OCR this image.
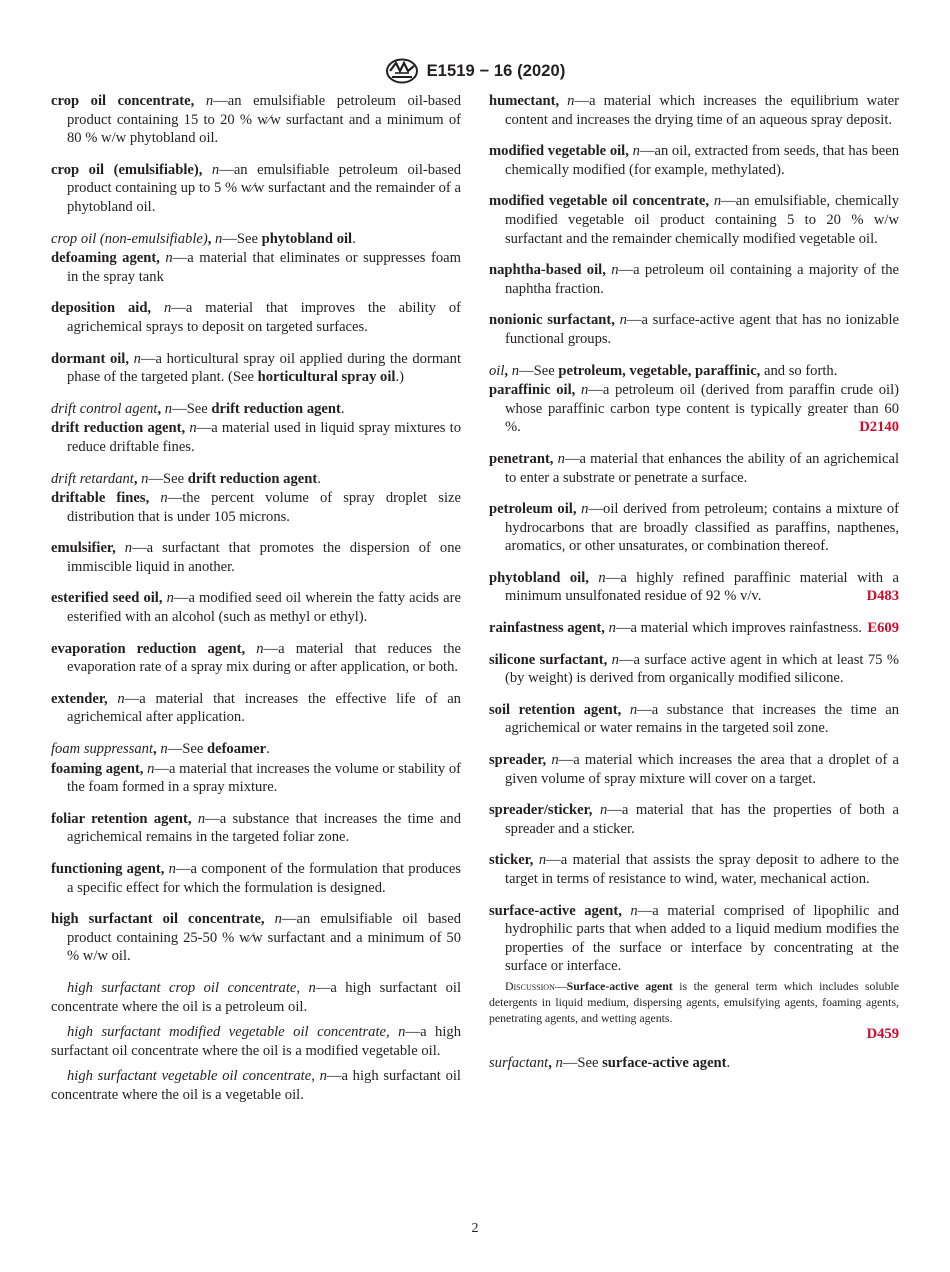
E1519 − 16 (2020)

crop oil concentrate, n—an emulsifiable petroleum oil-based product containing 15 to 20 % w⁄w surfactant and a minimum of 80 % w/w phytobland oil.

crop oil (emulsifiable), n—an emulsifiable petroleum oil-based product containing up to 5 % w⁄w surfactant and the remainder of a phytobland oil.

crop oil (non-emulsifiable), n—See phytobland oil.

defoaming agent, n—a material that eliminates or suppresses foam in the spray tank

deposition aid, n—a material that improves the ability of agrichemical sprays to deposit on targeted surfaces.

dormant oil, n—a horticultural spray oil applied during the dormant phase of the targeted plant. (See horticultural spray oil.)

drift control agent, n—See drift reduction agent.

drift reduction agent, n—a material used in liquid spray mixtures to reduce driftable fines.

drift retardant, n—See drift reduction agent.

driftable fines, n—the percent volume of spray droplet size distribution that is under 105 microns.

emulsifier, n—a surfactant that promotes the dispersion of one immiscible liquid in another.

esterified seed oil, n—a modified seed oil wherein the fatty acids are esterified with an alcohol (such as methyl or ethyl).

evaporation reduction agent, n—a material that reduces the evaporation rate of a spray mix during or after application, or both.

extender, n—a material that increases the effective life of an agrichemical after application.

foam suppressant, n—See defoamer.

foaming agent, n—a material that increases the volume or stability of the foam formed in a spray mixture.

foliar retention agent, n—a substance that increases the time and agrichemical remains in the targeted foliar zone.

functioning agent, n—a component of the formulation that produces a specific effect for which the formulation is designed.

high surfactant oil concentrate, n—an emulsifiable oil based product containing 25-50 % w⁄w surfactant and a minimum of 50 % w/w oil.

high surfactant crop oil concentrate, n—a high surfactant oil concentrate where the oil is a petroleum oil.

high surfactant modified vegetable oil concentrate, n—a high surfactant oil concentrate where the oil is a modified vegetable oil.

high surfactant vegetable oil concentrate, n—a high surfactant oil concentrate where the oil is a vegetable oil.

humectant, n—a material which increases the equilibrium water content and increases the drying time of an aqueous spray deposit.

modified vegetable oil, n—an oil, extracted from seeds, that has been chemically modified (for example, methylated).

modified vegetable oil concentrate, n—an emulsifiable, chemically modified vegetable oil product containing 5 to 20 % w/w surfactant and the remainder chemically modified vegetable oil.

naphtha-based oil, n—a petroleum oil containing a majority of the naphtha fraction.

nonionic surfactant, n—a surface-active agent that has no ionizable functional groups.

oil, n—See petroleum, vegetable, paraffinic, and so forth.

paraffinic oil, n—a petroleum oil (derived from paraffin crude oil) whose paraffinic carbon type content is typically greater than 60 %.	D2140

penetrant, n—a material that enhances the ability of an agrichemical to enter a substrate or penetrate a surface.

petroleum oil, n—oil derived from petroleum; contains a mixture of hydrocarbons that are broadly classified as paraffins, napthenes, aromatics, or other unsaturates, or combination thereof.

phytobland oil, n—a highly refined paraffinic material with a minimum unsulfonated residue of 92 % v/v.	D483

rainfastness agent, n—a material which improves rainfastness. E609

silicone surfactant, n—a surface active agent in which at least 75 % (by weight) is derived from organically modified silicone.

soil retention agent, n—a substance that increases the time an agrichemical or water remains in the targeted soil zone.

spreader, n—a material which increases the area that a droplet of a given volume of spray mixture will cover on a target.

spreader/sticker, n—a material that has the properties of both a spreader and a sticker.

sticker, n—a material that assists the spray deposit to adhere to the target in terms of resistance to wind, water, mechanical action.

surface-active agent, n—a material comprised of lipophilic and hydrophilic parts that when added to a liquid medium modifies the properties of the surface or interface by concentrating at the surface or interface.

Discussion—Surface-active agent is the general term which includes soluble detergents in liquid medium, dispersing agents, emulsifying agents, foaming agents, penetrating agents, and wetting agents.

D459

surfactant, n—See surface-active agent.

2
